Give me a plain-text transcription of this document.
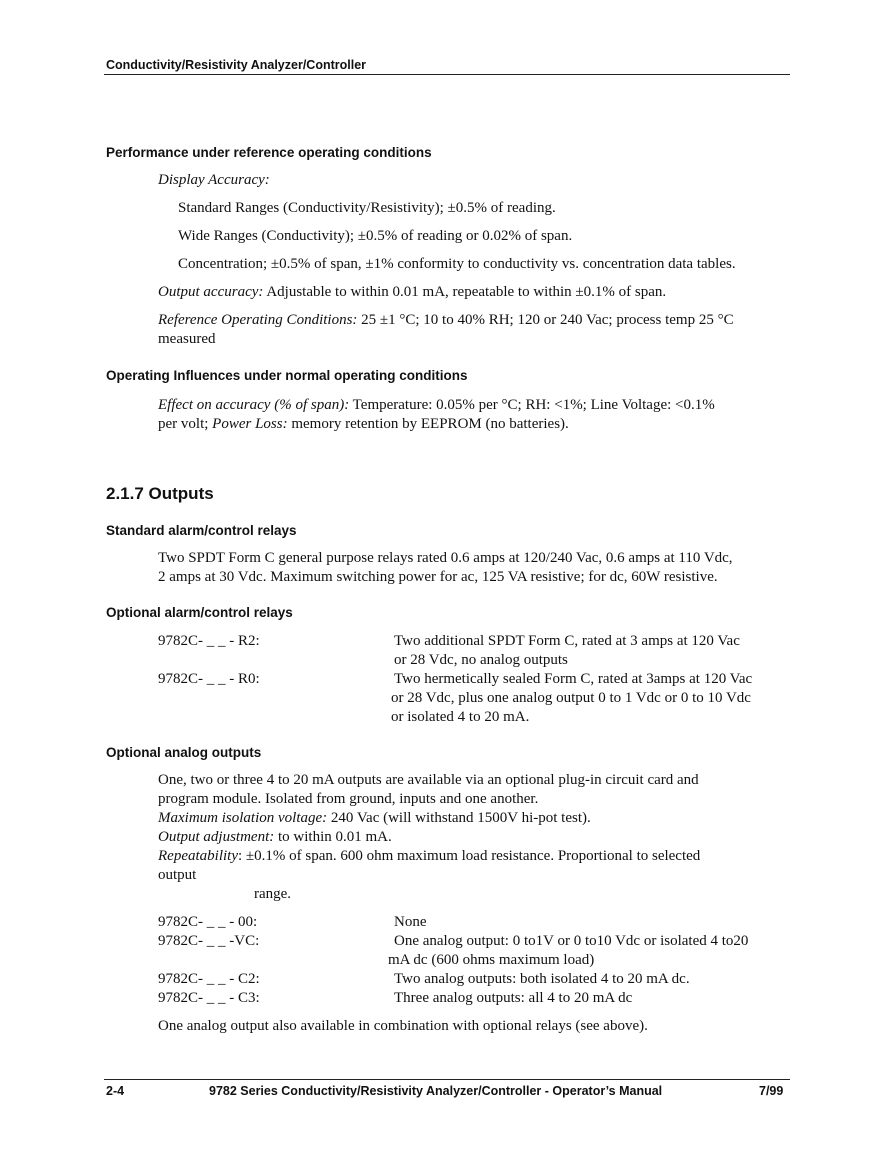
Conductivity/Resistivity Analyzer/Controller
Performance under reference operating conditions
Display Accuracy:
Standard Ranges (Conductivity/Resistivity); ±0.5% of reading.
Wide Ranges (Conductivity); ±0.5% of reading or 0.02% of span.
Concentration; ±0.5% of span, ±1% conformity to conductivity vs. concentration data tables.
Output accuracy: Adjustable to within 0.01 mA, repeatable to within ±0.1% of span.
Reference Operating Conditions: 25 ±1 °C; 10 to 40% RH; 120 or 240 Vac; process temp 25 °C
measured
Operating Influences under normal operating conditions
Effect on accuracy (% of span): Temperature: 0.05% per °C; RH: <1%; Line Voltage: <0.1%
per volt; Power Loss: memory retention by EEPROM (no batteries).
2.1.7 Outputs
Standard alarm/control relays
Two SPDT Form C general purpose relays rated 0.6 amps at 120/240 Vac, 0.6 amps at 110 Vdc,
2 amps at 30 Vdc. Maximum switching power for ac, 125 VA resistive; for dc, 60W resistive.
Optional alarm/control relays
9782C- _ _ - R2:	Two additional SPDT Form C, rated at 3 amps at 120 Vac
or 28 Vdc, no analog outputs
9782C- _ _ - R0:	Two hermetically sealed Form C, rated at 3amps at 120 Vac
or 28 Vdc, plus one analog output 0 to 1 Vdc or 0 to 10 Vdc
or isolated 4 to 20 mA.
Optional analog outputs
One, two or three 4 to 20 mA outputs are available via an optional plug-in circuit card and
program module. Isolated from ground, inputs and one another.
Maximum isolation voltage: 240 Vac (will withstand 1500V hi-pot test).
Output adjustment: to within 0.01 mA.
Repeatability: ±0.1% of span. 600 ohm maximum load resistance. Proportional to selected
output
range.
9782C- _ _ - 00:	None
9782C- _ _ -VC:	One analog output: 0 to1V or 0 to10 Vdc or isolated 4 to20
mA dc (600 ohms maximum load)
9782C- _ _ - C2:	Two analog outputs: both isolated 4 to 20 mA dc.
9782C- _ _ - C3:	Three analog outputs: all 4 to 20 mA dc
One analog output also available in combination with optional relays (see above).
2-4	9782 Series Conductivity/Resistivity Analyzer/Controller - Operator’s Manual	7/99
